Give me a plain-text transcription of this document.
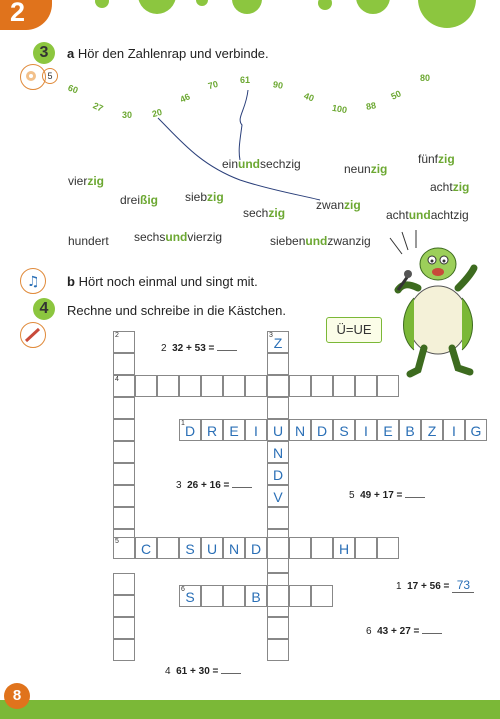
2
3	a Hör den Zahlenrap und verbinde.
5
60
27
30 20
46
70 61 90
40
100 88
50
80
vierzig
dreißig siebzig
einundsechzig
sechzig
zwanzig
neunzig
fünfzig
achtzig
achtundachtzig
hundert sechsundvierzig	siebenundzwanzig
♫ b Hört noch einmal und singt mit.
4	Rechne und schreibe in die Kästchen.
Ü=UE
2
4
Z
3
N
D
V
D
1	R E	I	U N D S	I	E B Z	I	G
5	C	S U N D	H
S
6	B
2 32 + 53 =
3 26 + 16 =
5 49 + 17 =
1 17 + 56 = 73
6 43 + 27 =
4 61 + 30 =
8
